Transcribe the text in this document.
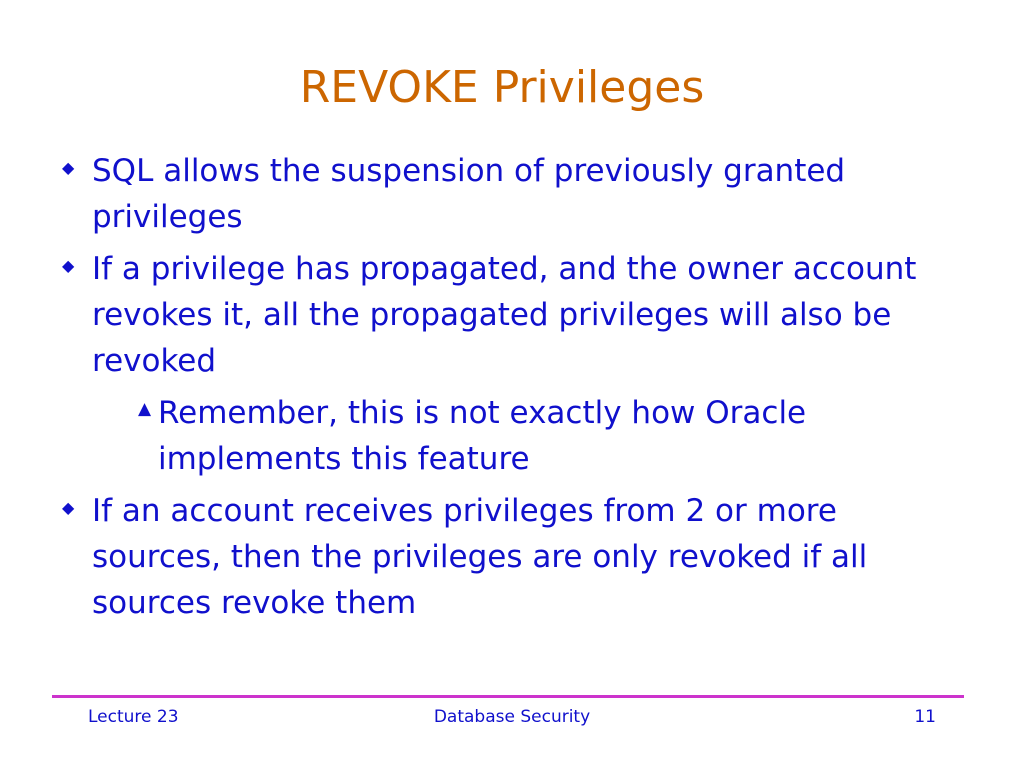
REVOKE Privileges
◆ SQL allows the suspension of previously granted privileges
◆ If a privilege has propagated, and the owner account revokes it, all the propagated privileges will also be revoked
▲ Remember, this is not exactly how Oracle implements this feature
◆ If an account receives privileges from 2 or more sources, then the privileges are only revoked if all sources revoke them
Lecture 23	Database Security	11
